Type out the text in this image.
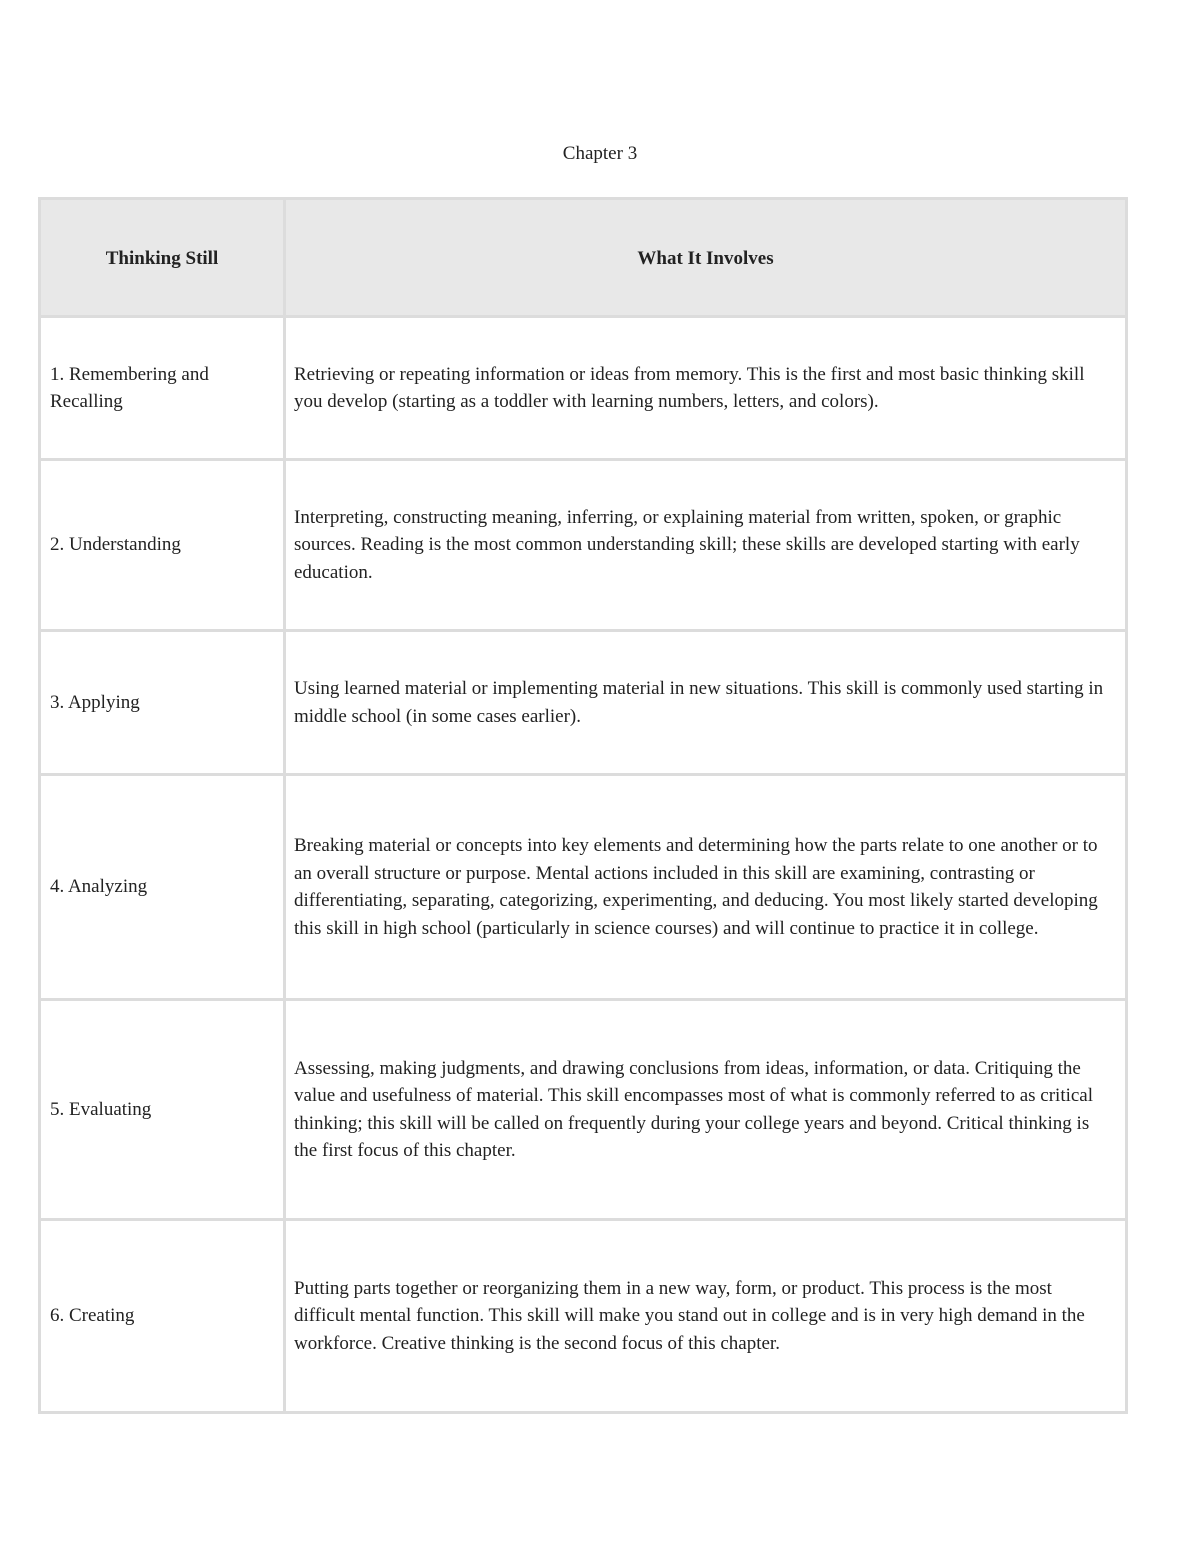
Chapter 3
Thinking Still	What It Involves
1. Remembering and Recalling	Retrieving or repeating information or ideas from memory. This is the first and most basic thinking skill you develop (starting as a toddler with learning numbers, letters, and colors).
2. Understanding	Interpreting, constructing meaning, inferring, or explaining material from written, spoken, or graphic sources. Reading is the most common understanding skill; these skills are developed starting with early education.
3. Applying	Using learned material or implementing material in new situations. This skill is commonly used starting in middle school (in some cases earlier).
4. Analyzing	Breaking material or concepts into key elements and determining how the parts relate to one another or to an overall structure or purpose. Mental actions included in this skill are examining, contrasting or differentiating, separating, categorizing, experimenting, and deducing. You most likely started developing this skill in high school (particularly in science courses) and will continue to practice it in college.
5. Evaluating	Assessing, making judgments, and drawing conclusions from ideas, information, or data. Critiquing the value and usefulness of material. This skill encompasses most of what is commonly referred to as critical thinking; this skill will be called on frequently during your college years and beyond. Critical thinking is the first focus of this chapter.
6. Creating	Putting parts together or reorganizing them in a new way, form, or product. This process is the most difficult mental function. This skill will make you stand out in college and is in very high demand in the workforce. Creative thinking is the second focus of this chapter.
